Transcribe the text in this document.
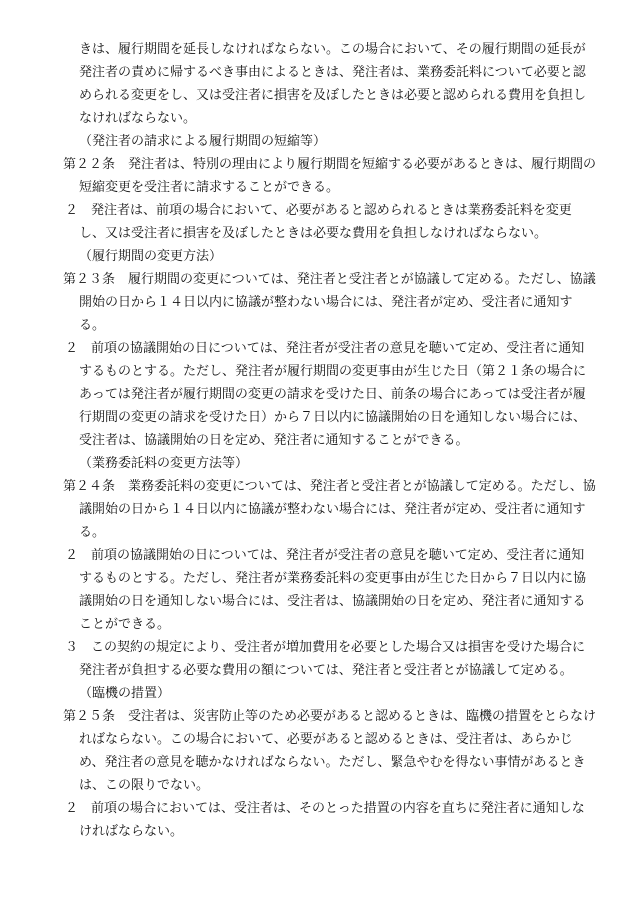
きは、履行期間を延長しなければならない。この場合において、その履行期間の延長が発注者の責めに帰するべき事由によるときは、発注者は、業務委託料について必要と認められる変更をし、又は受注者に損害を及ぼしたときは必要と認められる費用を負担しなければならない。

（発注者の請求による履行期間の短縮等）

第２２条　発注者は、特別の理由により履行期間を短縮する必要があるときは、履行期間の短縮変更を受注者に請求することができる。

２　発注者は、前項の場合において、必要があると認められるときは業務委託料を変更し、又は受注者に損害を及ぼしたときは必要な費用を負担しなければならない。

（履行期間の変更方法）

第２３条　履行期間の変更については、発注者と受注者とが協議して定める。ただし、協議開始の日から１４日以内に協議が整わない場合には、発注者が定め、受注者に通知する。

２　前項の協議開始の日については、発注者が受注者の意見を聴いて定め、受注者に通知するものとする。ただし、発注者が履行期間の変更事由が生じた日（第２１条の場合にあっては発注者が履行期間の変更の請求を受けた日、前条の場合にあっては受注者が履行期間の変更の請求を受けた日）から７日以内に協議開始の日を通知しない場合には、受注者は、協議開始の日を定め、発注者に通知することができる。

（業務委託料の変更方法等）

第２４条　業務委託料の変更については、発注者と受注者とが協議して定める。ただし、協議開始の日から１４日以内に協議が整わない場合には、発注者が定め、受注者に通知する。

２　前項の協議開始の日については、発注者が受注者の意見を聴いて定め、受注者に通知するものとする。ただし、発注者が業務委託料の変更事由が生じた日から７日以内に協議開始の日を通知しない場合には、受注者は、協議開始の日を定め、発注者に通知することができる。

３　この契約の規定により、受注者が増加費用を必要とした場合又は損害を受けた場合に発注者が負担する必要な費用の額については、発注者と受注者とが協議して定める。

（臨機の措置）

第２５条　受注者は、災害防止等のため必要があると認めるときは、臨機の措置をとらなければならない。この場合において、必要があると認めるときは、受注者は、あらかじめ、発注者の意見を聴かなければならない。ただし、緊急やむを得ない事情があるときは、この限りでない。

２　前項の場合においては、受注者は、そのとった措置の内容を直ちに発注者に通知しなければならない。
